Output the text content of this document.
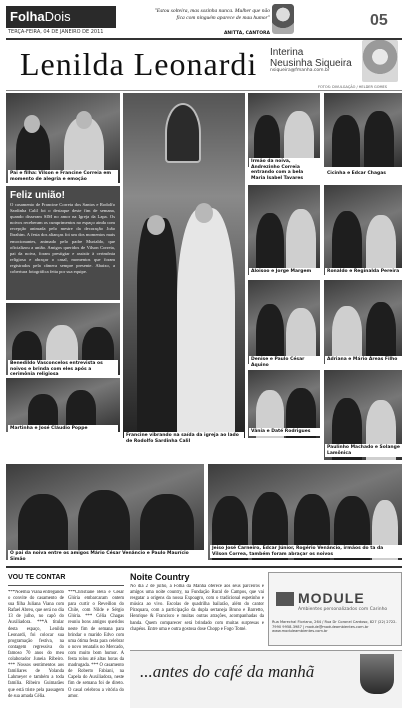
FolhaDois
TERÇA-FEIRA, 04 DE JANEIRO DE 2011
"Estou solteira, mas sozinha nunca. Mulher que não fica com ninguém aparece de mau humor"
ANITTA, CANTORA
05
Lenilda Leonardi Interina
Neusinha Siqueira
nsiqueira@fmanha.com.br
FOTOS: DIVULGAÇÃO / HELDER GOMES
Pai e filha: Vilson e Francine Correia em momento de alegria e emoção
Feliz união!
O casamento de Francine Correia dos Santos e Rodolfo Sardinha Calil foi o destaque deste fim de semana, quando disseram SIM no amor na Igreja da Lapa. Os noivos receberam os cumprimentos no espaço ainda com recepção animada pelo mestre da decoração João Ibrahim. A festa dos alianças foi um dos momentos mais emocionantes, animado pelo padre Murialdo, que oficializou a união. Amigos queridos de Vilson Correia, pai da noiva, foram prestigiar e assistir à cerimônia religiosa e abraçar o casal, momentos que foram registrados pela câmera sempre presente. Abaixo, a cobertura fotográfica feita por sua equipe.
Benedildo Vasconcelos entrevista os noivos e brinda com eles após a cerimônia religiosa
Martinha e José Cláudio Poppe
Francine vibrando na saída da igreja ao lado de Rodolfo Sardinha Calil
Irmão da noiva, Andrezinho Correia entrando com a bela Maria Isabel Tavares
Cicinha e Edcar Chagas
Aloisoo e Jorge Margem	Ronaldo e Reginalda Pereira
Denise e Paulo César Aquino
Adriana e Mário Areas Filho
Vânia e Daté Rodrigues
Paulinho Machado e Solange Lamônica
O pai da noiva entre os amigos Mário César Venâncio e Paulo Maurício Simão
Jeiso José Carneiro, Edcar Júnior, Rogério Venâncio, irmãos do ta da Vilson Correa, também foram abraçar os noivos
VOU TE CONTAR
***Noêmia Viana entregando o convite do casamento de sua filha Juliana Viana com Rafael Abreu, que será no dia 13 de julho, no capô do Auxiliadora. ***A titular desta espaço, Lenilda Leonardi, foi colocar sua programação festiva, na contagem regressiva do famoso 70 anos do meu colaborador Juneia Ribeiro. *** Nossos sentimentos aos familiares de Yolanda Lahmeyer e também a toda família. Ribeiro Guimarães que está triste pela passagem de sua amada Célia.
***Christiane Bela e César Glória embarcaram ontem para curtir o Reveillon do Chile, com Nilde e Sérgio Glória. *** Célia Chagas reuniu bons amigos queridos neste fim de semana para brindar o marido Edvo com uma ótima festa para celebrar o novo renatalis no Mercado, com muito bom humor. A festa rolou até altas horas da madrugada. *** O casamento de Roberto Fabiani, na Capela do Auxiliadora, neste fim de semana foi de direto. O casal celebrou a vitória do amor.
Noite Country
No dia 2 de julho, a Folha da Manhã oferece aos seus parceiros e amigos uma noite country, na Fundação Rural de Campos, que vai resgatar a origens da nossa Expoagro, com o tradicional espetinho e música ao vivo. Escolas de quadrilha bailarão, além do cantor Piraquara, com a participação da dupla sertaneja Bruno e Barretto, Henrique & Francisco e muitas outras atrações, acompanhadas da banda. Quem comparecer será brindado com muitas surpresas e chapéus. Entre uma e outra gostosa dose Chopp e Fogo Tomé.
MODULE
Ambientes personalizados com Carinho
Rua Marechal Floriano, 264 / Rua Dr Coronel Cardoso, 827 (22) 2722-7990 9958-3987 | module@moduleambientes.com.br www.moduleambientes.com.br
...antes do café da manhã
